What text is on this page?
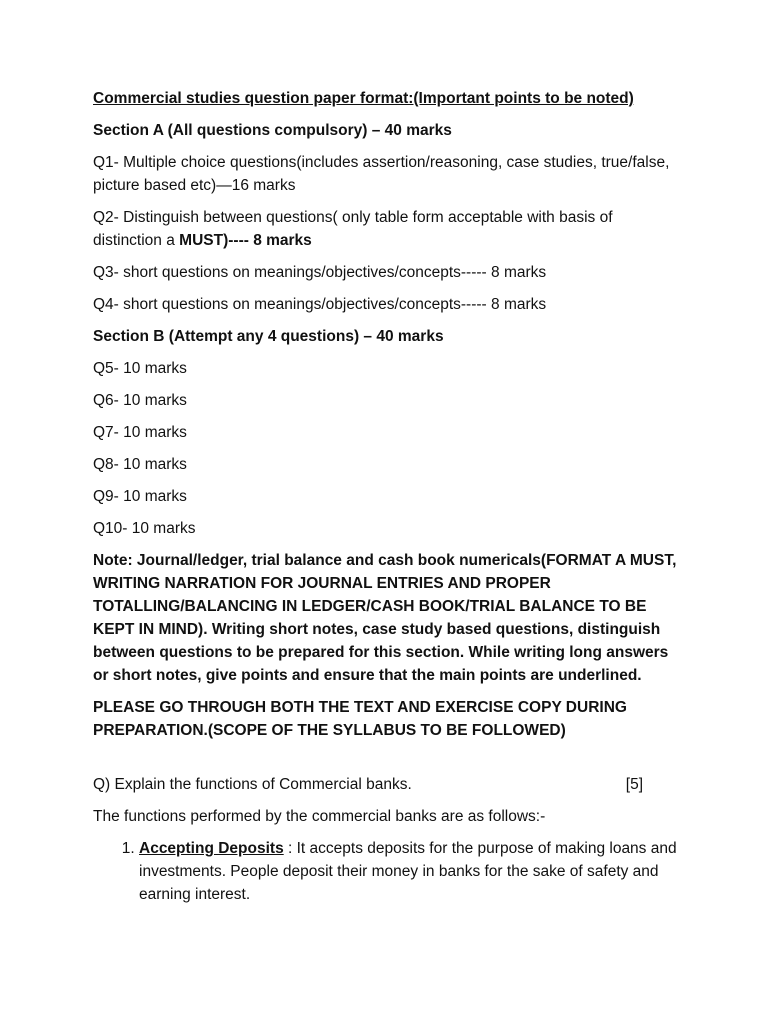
Commercial studies question paper format:(Important points to be noted)

Section A (All questions compulsory) – 40 marks

Q1- Multiple choice questions(includes assertion/reasoning, case studies, true/false, picture based etc)—16 marks

Q2- Distinguish between questions( only table form acceptable with basis of distinction a MUST)---- 8 marks

Q3- short questions on meanings/objectives/concepts----- 8 marks

Q4- short questions on meanings/objectives/concepts----- 8 marks

Section B (Attempt any 4 questions) – 40 marks

Q5- 10 marks

Q6- 10 marks

Q7- 10 marks

Q8- 10 marks

Q9- 10 marks

Q10- 10 marks

Note: Journal/ledger, trial balance and cash book numericals(FORMAT A MUST, WRITING NARRATION FOR JOURNAL ENTRIES AND PROPER TOTALLING/BALANCING IN LEDGER/CASH BOOK/TRIAL BALANCE TO BE KEPT IN MIND). Writing short notes, case study based questions, distinguish between questions to be prepared for this section. While writing long answers or short notes, give points and ensure that the main points are underlined.

PLEASE GO THROUGH BOTH THE TEXT AND EXERCISE COPY DURING PREPARATION.(SCOPE OF THE SYLLABUS TO BE FOLLOWED)

Q) Explain the functions of Commercial banks.	[5]

The functions performed by the commercial banks are as follows:-

1. Accepting Deposits : It accepts deposits for the purpose of making loans and investments. People deposit their money in banks for the sake of safety and earning interest.
